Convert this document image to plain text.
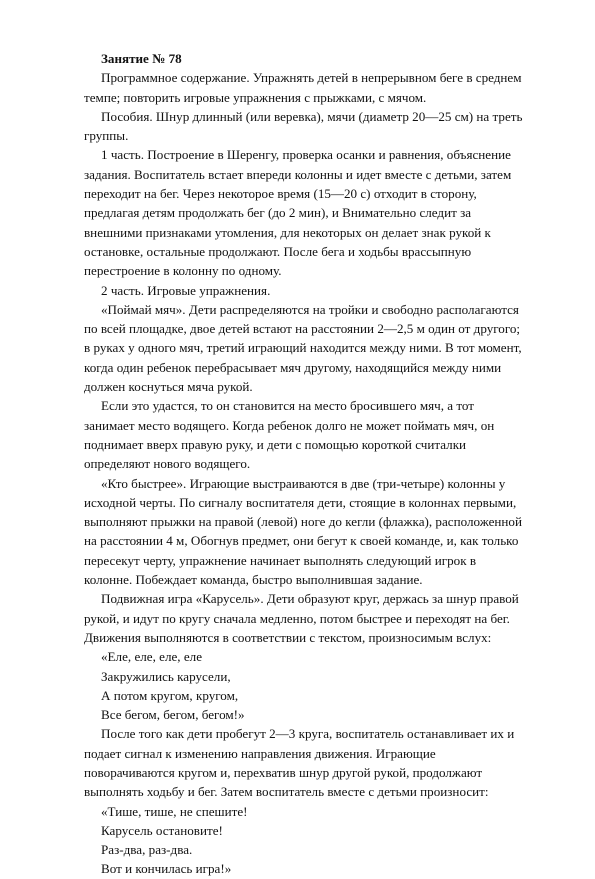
Занятие № 78

Программное содержание. Упражнять детей в непрерывном беге в среднем темпе; повторить игровые упражнения с прыжками, с мячом.

Пособия. Шнур длинный (или веревка), мячи (диаметр 20—25 см) на треть группы.

1 часть. Построение в Шеренгу, проверка осанки и равнения, объяснение задания. Воспитатель встает впереди колонны и идет вместе с детьми, затем переходит на бег. Через некоторое время (15—20 с) отходит в сторону, предлагая детям продолжать бег (до 2 мин), и Внимательно следит за внешними признаками утомления, для некоторых он делает знак рукой к остановке, остальные продолжают. После бега и ходьбы врассыпную перестроение в колонну по одному.

2 часть. Игровые упражнения.

«Поймай мяч». Дети распределяются на тройки и свободно располагаются по всей площадке, двое детей встают на расстоянии 2—2,5 м один от другого; в руках у одного мяч, третий играющий находится между ними. В тот момент, когда один ребенок перебрасывает мяч другому, находящийся между ними должен коснуться мяча рукой.

Если это удастся, то он становится на место бросившего мяч, а тот занимает место водящего. Когда ребенок долго не может поймать мяч, он поднимает вверх правую руку, и дети с помощью короткой считалки определяют нового водящего.

«Кто быстрее». Играющие выстраиваются в две (три-четыре) колонны у исходной черты. По сигналу воспитателя дети, стоящие в колоннах первыми, выполняют прыжки на правой (левой) ноге до кегли (флажка), расположенной на расстоянии 4 м, Обогнув предмет, они бегут к своей команде, и, как только пересекут черту, упражнение начинает выполнять следующий игрок в колонне. Побеждает команда, быстро выполнившая задание.

Подвижная игра «Карусель». Дети образуют круг, держась за шнур правой рукой, и идут по кругу сначала медленно, потом быстрее и переходят на бег. Движения выполняются в соответствии с текстом, произносимым вслух:

«Еле, еле, еле, еле

Закружились карусели,

А потом кругом, кругом,

Все бегом, бегом, бегом!»

После того как дети пробегут 2—3 круга, воспитатель останавливает их и подает сигнал к изменению направления движения. Играющие поворачиваются кругом и, перехватив шнур другой рукой, продолжают выполнять ходьбу и бег. Затем воспитатель вместе с детьми произносит:

«Тише, тише, не спешите!

Карусель остановите!

Раз-два, раз-два.

Вот и кончилась игра!»
